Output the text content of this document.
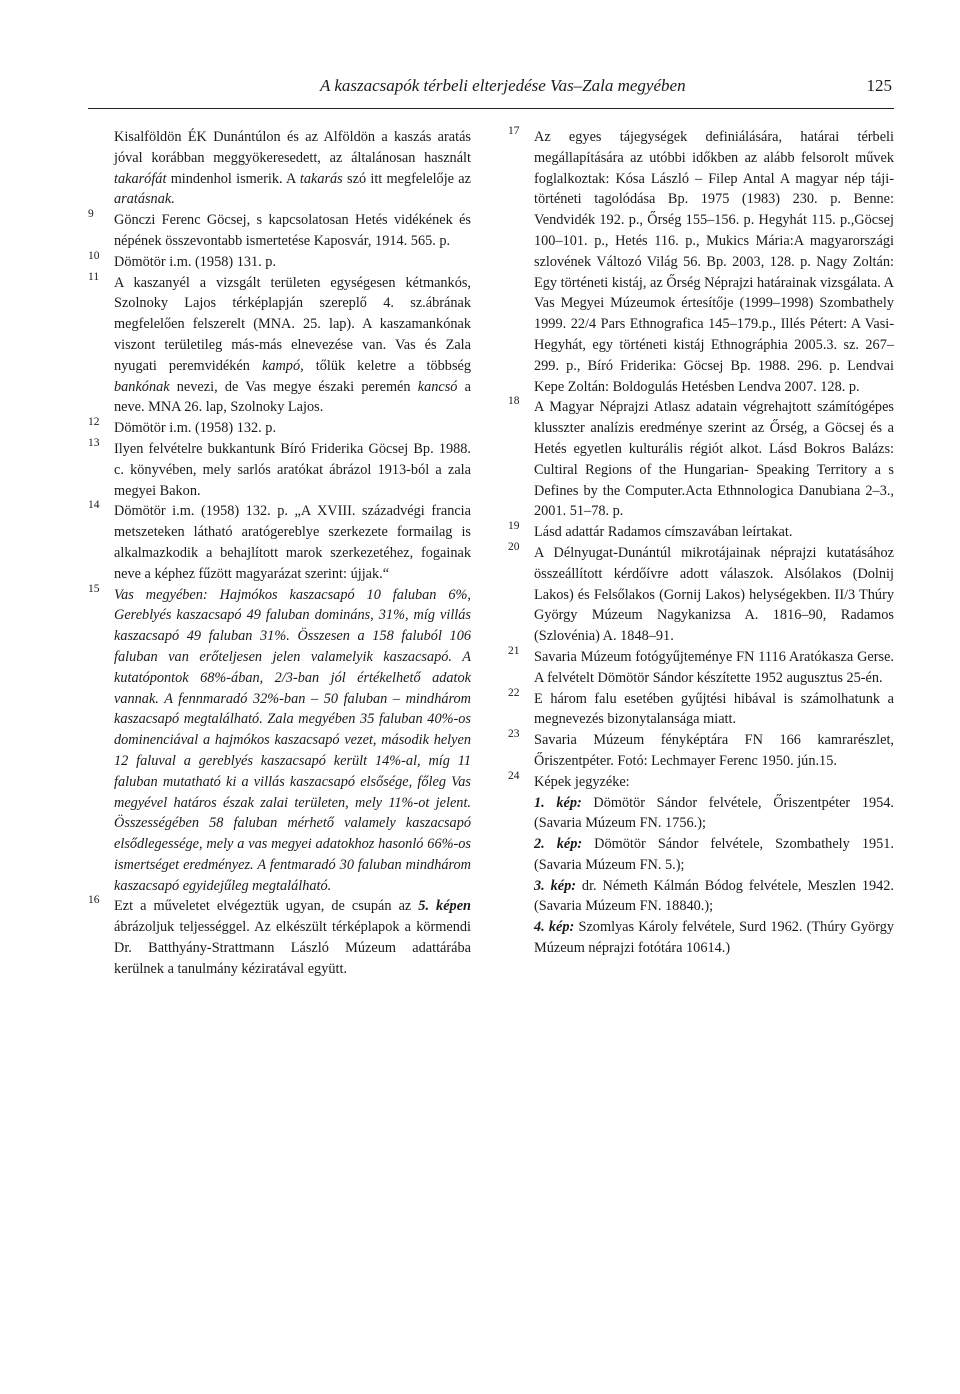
A kaszacsapók térbeli elterjedése Vas–Zala megyében	125

Kisalföldön ÉK Dunántúlon és az Alföldön a kaszás aratás jóval korábban meggyökeresedett, az általánosan használt takarófát mindenhol ismerik. A takarás szó itt megfelelője az aratásnak.

9 Gönczi Ferenc Göcsej, s kapcsolatosan Hetés vidékének és népének összevontabb ismertetése Kaposvár, 1914. 565. p.

10 Dömötör i.m. (1958) 131. p.

11 A kaszanyél a vizsgált területen egységesen kétmankós, Szolnoky Lajos térképlapján szereplő 4. sz.ábrának megfelelően felszerelt (MNA. 25. lap). A kaszamankónak viszont területileg más-más elnevezése van. Vas és Zala nyugati peremvidékén kampó, tőlük keletre a többség bankónak nevezi, de Vas megye északi peremén kancsó a neve. MNA 26. lap, Szolnoky Lajos.

12 Dömötör i.m. (1958) 132. p.

13 Ilyen felvételre bukkantunk Bíró Friderika Göcsej Bp. 1988. c. könyvében, mely sarlós aratókat ábrázol 1913-ból a zala megyei Bakon.

14 Dömötör i.m. (1958) 132. p. „A XVIII. századvégi francia metszeteken látható aratógereblye szerkezete formailag is alkalmazkodik a behajlított marok szerkezetéhez, fogainak neve a képhez fűzött magyarázat szerint: újjak.“

15 Vas megyében: Hajmókos kaszacsapó 10 faluban 6%, Gereblyés kaszacsapó 49 faluban domináns, 31%, míg villás kaszacsapó 49 faluban 31%. Összesen a 158 faluból 106 faluban van erőteljesen jelen valamelyik kaszacsapó. A kutatópontok 68%-ában, 2/3-ban jól értékelhető adatok vannak. A fennmaradó 32%-ban – 50 faluban – mindhárom kaszacsapó megtalálható. Zala megyében 35 faluban 40%-os dominenciával a hajmókos kaszacsapó vezet, második helyen 12 faluval a gereblyés kaszacsapó került 14%-al, míg 11 faluban mutatható ki a villás kaszacsapó elsősége, főleg Vas megyével határos észak zalai területen, mely 11%-ot jelent. Összességében 58 faluban mérhető valamely kaszacsapó elsődlegessége, mely a vas megyei adatokhoz hasonló 66%-os ismertséget eredményez. A fentmaradó 30 faluban mindhárom kaszacsapó egyidejűleg megtalálható.

16 Ezt a műveletet elvégeztük ugyan, de csupán az 5. képen ábrázoljuk teljességgel. Az elkészült térképlapok a körmendi Dr. Batthyány-Strattmann László Múzeum adattárába kerülnek a tanulmány kéziratával együtt.

17 Az egyes tájegységek definiálására, határai térbeli megállapítására az utóbbi időkben az alább felsorolt művek foglalkoztak: Kósa László – Filep Antal A magyar nép táji-történeti tagolódása Bp. 1975 (1983) 230. p. Benne: Vendvidék 192. p., Őrség 155–156. p. Hegyhát 115. p.,Göcsej 100–101. p., Hetés 116. p., Mukics Mária:A magyarországi szlovének Változó Világ 56. Bp. 2003, 128. p. Nagy Zoltán: Egy történeti kistáj, az Őrség Néprajzi határainak vizsgálata. A Vas Megyei Múzeumok értesítője (1999–1998) Szombathely 1999. 22/4 Pars Ethnografica 145–179.p., Illés Pétert: A Vasi-Hegyhát, egy történeti kistáj Ethnográphia 2005.3. sz. 267–299. p., Bíró Friderika: Göcsej Bp. 1988. 296. p. Lendvai Kepe Zoltán: Boldogulás Hetésben Lendva 2007. 128. p.

18 A Magyar Néprajzi Atlasz adatain végrehajtott számítógépes klusszter analízis eredménye szerint az Őrség, a Göcsej és a Hetés egyetlen kulturális régiót alkot. Lásd Bokros Balázs: Cultiral Regions of the Hungarian- Speaking Territory a s Defines by the Computer.Acta Ethnnologica Danubiana 2–3., 2001. 51–78. p.

19 Lásd adattár Radamos címszavában leírtakat.

20 A Délnyugat-Dunántúl mikrotájainak néprajzi kutatásához összeállított kérdőívre adott válaszok. Alsólakos (Dolnij Lakos) és Felsőlakos (Gornij Lakos) helységekben. II/3 Thúry György Múzeum Nagykanizsa A. 1816–90, Radamos (Szlovénia) A. 1848–91.

21 Savaria Múzeum fotógyűjteménye FN 1116 Aratókasza Gerse. A felvételt Dömötör Sándor készítette 1952 augusztus 25-én.

22 E három falu esetében gyűjtési hibával is számolhatunk a megnevezés bizonytalansága miatt.

23 Savaria Múzeum fényképtára FN 166 kamrarészlet, Őriszentpéter. Fotó: Lechmayer Ferenc 1950. jún.15.

24 Képek jegyzéke:

1. kép: Dömötör Sándor felvétele, Őriszentpéter 1954. (Savaria Múzeum FN. 1756.);

2. kép: Dömötör Sándor felvétele, Szombathely 1951. (Savaria Múzeum FN. 5.);

3. kép: dr. Németh Kálmán Bódog felvétele, Meszlen 1942. (Savaria Múzeum FN. 18840.);

4. kép: Szomlyas Károly felvétele, Surd 1962. (Thúry György Múzeum néprajzi fotótára 10614.)
